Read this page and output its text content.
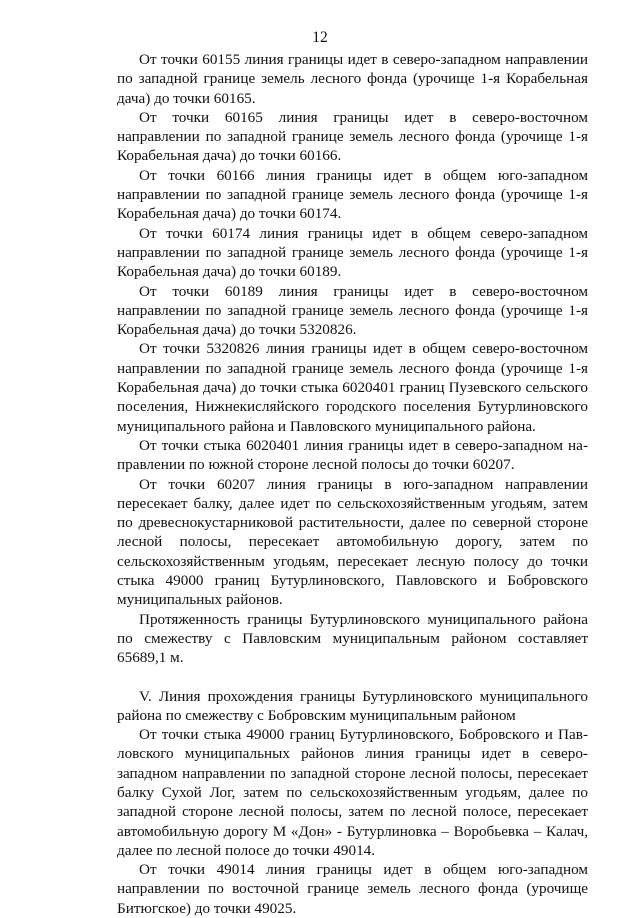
12

От точки 60155 линия границы идет в северо-западном направлении по западной границе земель лесного фонда (урочище 1-я Корабельная дача) до точки 60165.

От точки 60165 линия границы идет в северо-восточном направлении по западной границе земель лесного фонда (урочище 1-я Корабельная дача) до точки 60166.

От точки 60166 линия границы идет в общем юго-западном направлении по западной границе земель лесного фонда (урочище 1-я Корабельная дача) до точки 60174.

От точки 60174 линия границы идет в общем северо-западном направлении по западной границе земель лесного фонда (урочище 1-я Корабельная дача) до точки 60189.

От точки 60189 линия границы идет в северо-восточном направлении по западной границе земель лесного фонда (урочище 1-я Корабельная дача) до точки 5320826.

От точки 5320826 линия границы идет в общем северо-восточном направлении по западной границе земель лесного фонда (урочище 1-я Корабельная дача) до точки стыка 6020401 границ Пузевского сельского поселения, Нижнекисляйского городского поселения Бутурлиновского муниципального района и Павловского муниципального района.

От точки стыка 6020401 линия границы идет в северо-западном направлении по южной стороне лесной полосы до точки 60207.

От точки 60207 линия границы в юго-западном направлении пересекает балку, далее идет по сельскохозяйственным угодьям, затем по древеснокустарниковой растительности, далее по северной стороне лесной полосы, пересекает автомобильную дорогу, затем по сельскохозяйственным угодьям, пересекает лесную полосу до точки стыка 49000 границ Бутурлиновского, Павловского и Бобровского муниципальных районов.

Протяженность границы Бутурлиновского муниципального района по смежеству с Павловским муниципальным районом составляет 65689,1 м.

V. Линия прохождения границы Бутурлиновского муниципального района по смежеству с Бобровским муниципальным районом

От точки стыка 49000 границ Бутурлиновского, Бобровского и Павловского муниципальных районов линия границы идет в северо-западном направлении по западной стороне лесной полосы, пересекает балку Сухой Лог, затем по сельскохозяйственным угодьям, далее по западной стороне лесной полосы, затем по лесной полосе, пересекает автомобильную дорогу М «Дон» - Бутурлиновка – Воробьевка – Калач, далее по лесной полосе до точки 49014.

От точки 49014 линия границы идет в общем юго-западном направлении по восточной границе земель лесного фонда (урочище Битюгское) до точки 49025.
